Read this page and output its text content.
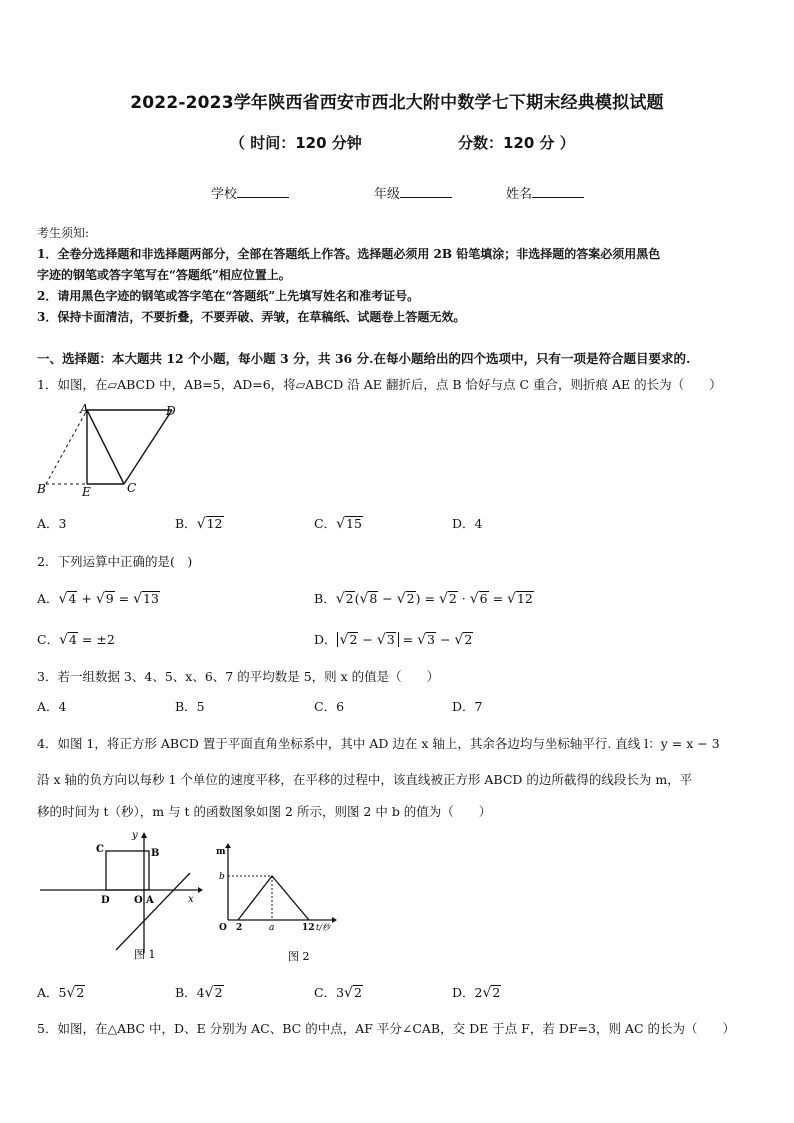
2022-2023学年陕西省西安市西北大附中数学七下期末经典模拟试题
（ 时间：120 分钟	分数：120 分 ）
学校	年级	姓名
考生须知:
1．全卷分选择题和非选择题两部分，全部在答题纸上作答。选择题必须用 2B 铅笔填涂；非选择题的答案必须用黑色
字迹的钢笔或答字笔写在“答题纸”相应位置上。
2．请用黑色字迹的钢笔或答字笔在“答题纸”上先填写姓名和准考证号。
3．保持卡面清洁，不要折叠，不要弄破、弄皱，在草稿纸、试题卷上答题无效。
一、选择题：本大题共 12 个小题，每小题 3 分，共 36 分.在每小题给出的四个选项中，只有一项是符合题目要求的.
1．如图，在▱ABCD 中，AB=5，AD=6，将▱ABCD 沿 AE 翻折后，点 B 恰好与点 C 重合，则折痕 AE 的长为（　　）
A	D
B	E	C
A．3	B．√12	C．√15	D．4
2．下列运算中正确的是(　)
A．√4 + √9 = √13	B．√2(√8 − √2) = √2 · √6 = √12
C．√4 = ±2	D． √2 − √3 = √3 − √2
3．若一组数据 3、4、5、x、6、7 的平均数是 5，则 x 的值是（　　）
A．4	B．5	C．6	D．7
4．如图 1，将正方形 ABCD 置于平面直角坐标系中，其中 AD 边在 x 轴上，其余各边均与坐标轴平行. 直线 l：y = x − 3
沿 x 轴的负方向以每秒 1 个单位的速度平移，在平移的过程中，该直线被正方形 ABCD 的边所截得的线段长为 m，平
移的时间为 t（秒），m 与 t 的函数图象如图 2 所示，则图 2 中 b 的值为（　　）
y
C	B
D O A	x
图 1
m
b
O 2	a	12 t/秒
图 2
A．5√2	B．4√2	C．3√2	D．2√2
5．如图，在△ABC 中，D、E 分别为 AC、BC 的中点，AF 平分∠CAB，交 DE 于点 F，若 DF=3，则 AC 的长为（　　）
